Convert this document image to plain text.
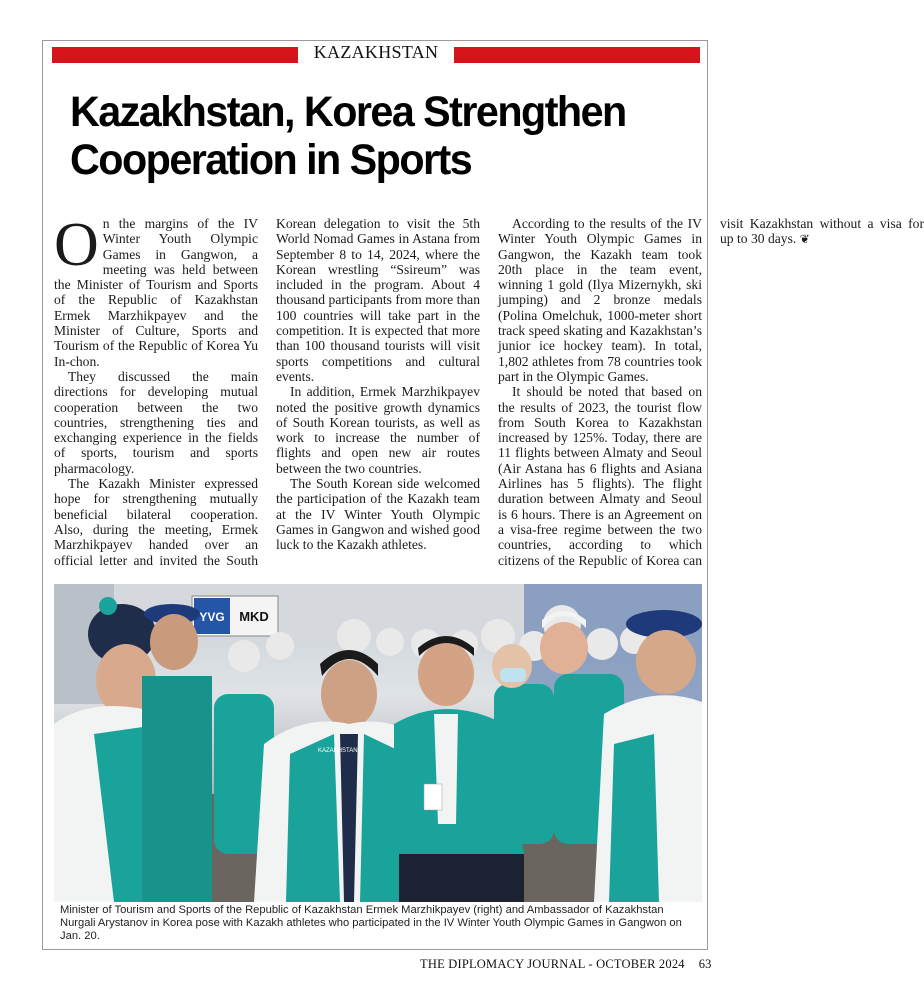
KAZAKHSTAN
Kazakhstan, Korea Strengthen Cooperation in Sports

On the margins of the IV Winter Youth Olympic Games in Gangwon, a meeting was held between the Minister of Tourism and Sports of the Republic of Kazakhstan Ermek Marzhikpayev and the Minister of Culture, Sports and Tourism of the Republic of Korea Yu In-chon.

They discussed the main directions for developing mutual cooperation between the two countries, strengthening ties and exchanging experience in the fields of sports, tourism and sports pharmacology.

The Kazakh Minister expressed hope for strengthening mutually beneficial bilateral cooperation. Also, during the meeting, Ermek Marzhikpayev handed over an official letter and invited the South Korean delegation to visit the 5th World Nomad Games in Astana from September 8 to 14, 2024, where the Korean wrestling “Ssireum” was included in the program. About 4 thousand participants from more than 100 countries will take part in the competition. It is expected that more than 100 thousand tourists will visit sports competitions and cultural events.

In addition, Ermek Marzhikpayev noted the positive growth dynamics of South Korean tourists, as well as work to increase the number of flights and open new air routes between the two countries.

The South Korean side welcomed the participation of the Kazakh team at the IV Winter Youth Olympic Games in Gangwon and wished good luck to the Kazakh athletes.

According to the results of the IV Winter Youth Olympic Games in Gangwon, the Kazakh team took 20th place in the team event, winning 1 gold (Ilya Mizernykh, ski jumping) and 2 bronze medals (Polina Omelchuk, 1000-meter short track speed skating and Kazakhstan’s junior ice hockey team). In total, 1,802 athletes from 78 countries took part in the Olympic Games.

It should be noted that based on the results of 2023, the tourist flow from South Korea to Kazakhstan increased by 125%. Today, there are 11 flights between Almaty and Seoul (Air Astana has 6 flights and Asiana Airlines has 5 flights). The flight duration between Almaty and Seoul is 6 hours. There is an Agreement on a visa-free regime between the two countries, according to which citizens of the Republic of Korea can visit Kazakhstan without a visa for up to 30 days. ❦

YVG MKD
KAZAKHSTAN
Minister of Tourism and Sports of the Republic of Kazakhstan Ermek Marzhikpayev (right) and Ambassador of Kazakhstan Nurgali Arystanov in Korea pose with Kazakh athletes who participated in the IV Winter Youth Olympic Games in Gangwon on Jan. 20.
THE DIPLOMACY JOURNAL - OCTOBER 2024 63
